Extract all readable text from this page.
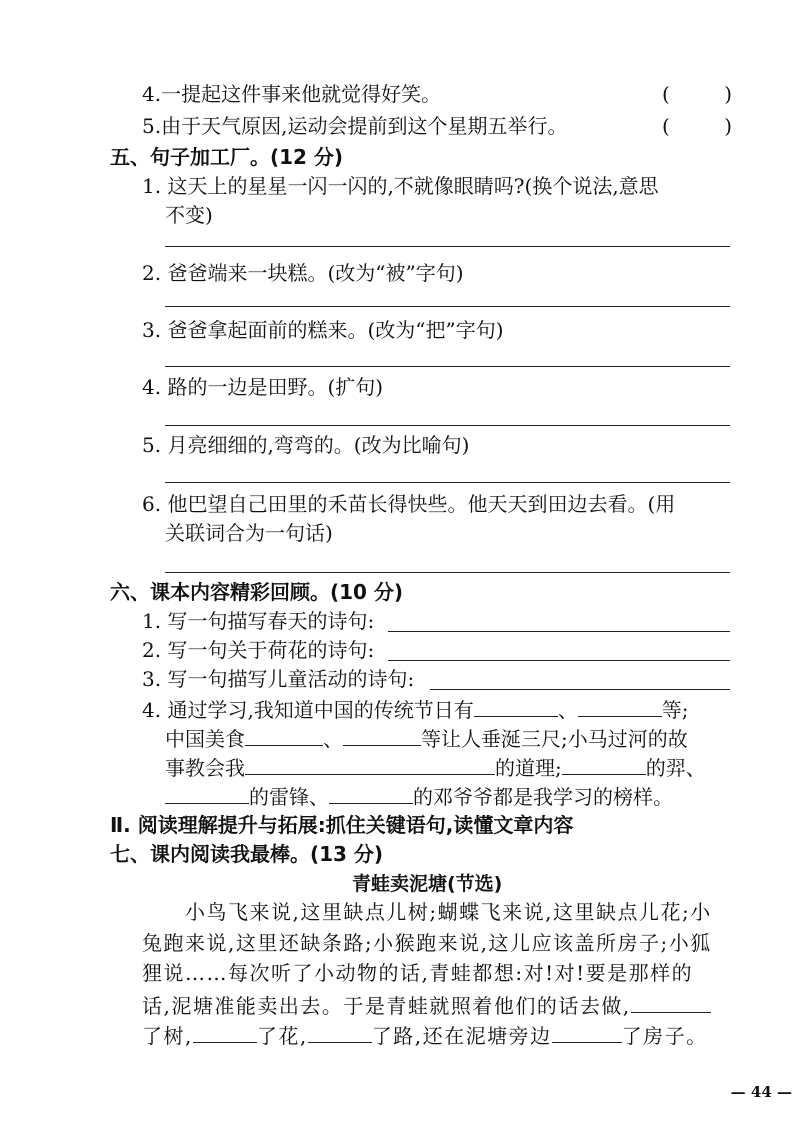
4.一提起这件事来他就觉得好笑。	(	)
5.由于天气原因,运动会提前到这个星期五举行。	(	)
五、句子加工厂。(12 分)
1. 这天上的星星一闪一闪的,不就像眼睛吗?(换个说法,意思
不变)
2. 爸爸端来一块糕。(改为“被”字句)
3. 爸爸拿起面前的糕来。(改为“把”字句)
4. 路的一边是田野。(扩句)
5. 月亮细细的,弯弯的。(改为比喻句)
6. 他巴望自己田里的禾苗长得快些。他天天到田边去看。(用
关联词合为一句话)
六、课本内容精彩回顾。(10 分)
1. 写一句描写春天的诗句:
2. 写一句关于荷花的诗句:
3. 写一句描写儿童活动的诗句:
4. 通过学习,我知道中国的传统节日有	、	等;
中国美食	、	等让人垂涎三尺;小马过河的故
事教会我	的道理;	的羿、
的雷锋、	的邓爷爷都是我学习的榜样。
Ⅱ. 阅读理解提升与拓展:抓住关键语句,读懂文章内容
七、课内阅读我最棒。(13 分)
青蛙卖泥塘(节选)
小鸟飞来说,这里缺点儿树;蝴蝶飞来说,这里缺点儿花;小
兔跑来说,这里还缺条路;小猴跑来说,这儿应该盖所房子;小狐
狸说……每次听了小动物的话,青蛙都想:对!对!要是那样的
话,泥塘准能卖出去。于是青蛙就照着他们的话去做,
了树,	了花,	了路,还在泥塘旁边	了房子。
— 44 —
